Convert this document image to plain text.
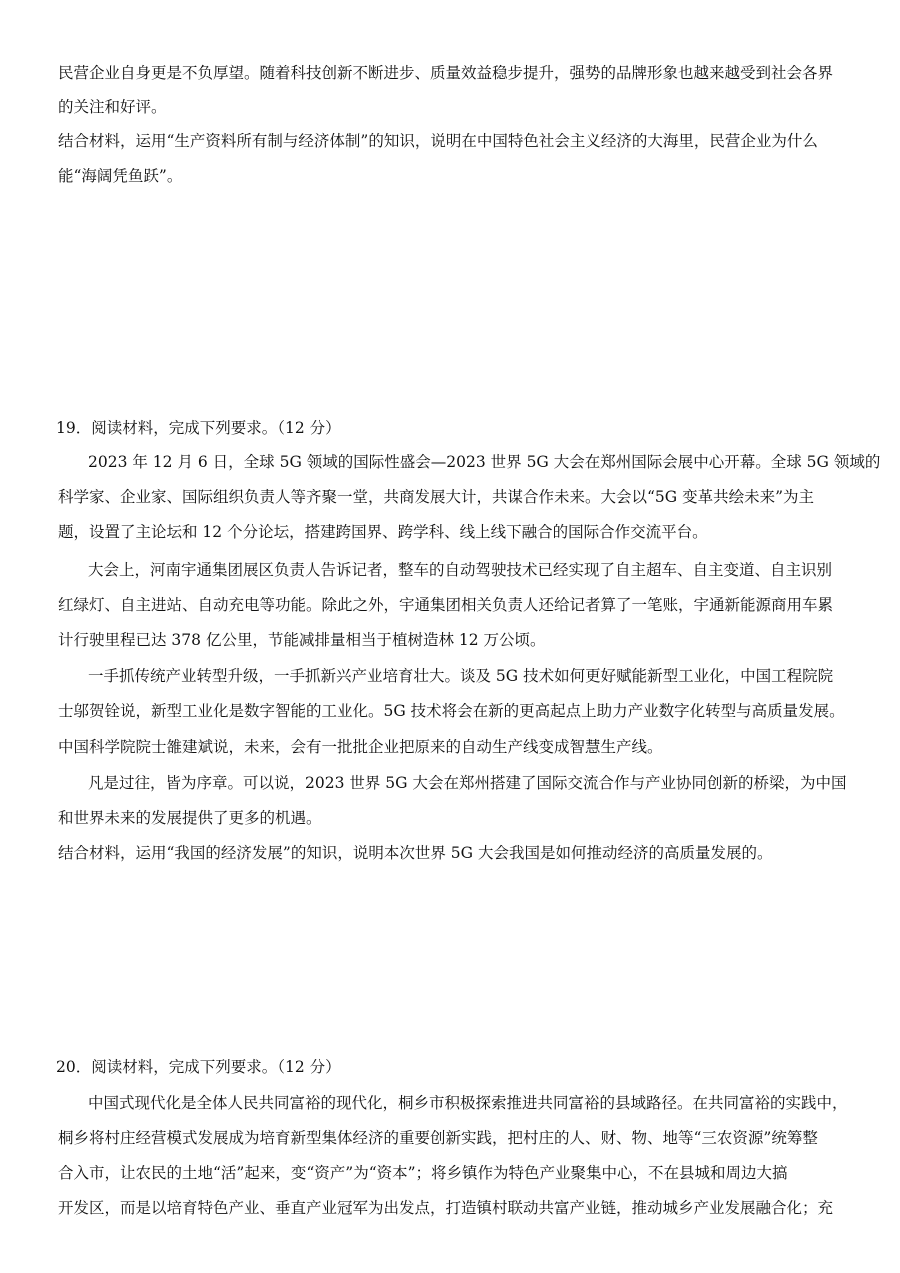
民营企业自身更是不负厚望。随着科技创新不断进步、质量效益稳步提升，强势的品牌形象也越来越受到社会各界
的关注和好评。
结合材料，运用“生产资料所有制与经济体制”的知识，说明在中国特色社会主义经济的大海里，民营企业为什么
能“海阔凭鱼跃”。
19．阅读材料，完成下列要求。（12 分）
2023 年 12 月 6 日，全球 5G 领域的国际性盛会—2023 世界 5G 大会在郑州国际会展中心开幕。全球 5G 领域的
科学家、企业家、国际组织负责人等齐聚一堂，共商发展大计，共谋合作未来。大会以“5G 变革共绘未来”为主
题，设置了主论坛和 12 个分论坛，搭建跨国界、跨学科、线上线下融合的国际合作交流平台。
大会上，河南宇通集团展区负责人告诉记者，整车的自动驾驶技术已经实现了自主超车、自主变道、自主识别
红绿灯、自主进站、自动充电等功能。除此之外，宇通集团相关负责人还给记者算了一笔账，宇通新能源商用车累
计行驶里程已达 378 亿公里，节能减排量相当于植树造林 12 万公顷。
一手抓传统产业转型升级，一手抓新兴产业培育壮大。谈及 5G 技术如何更好赋能新型工业化，中国工程院院
士邬贺铨说，新型工业化是数字智能的工业化。5G 技术将会在新的更高起点上助力产业数字化转型与高质量发展。
中国科学院院士雒建斌说，未来，会有一批批企业把原来的自动生产线变成智慧生产线。
凡是过往，皆为序章。可以说，2023 世界 5G 大会在郑州搭建了国际交流合作与产业协同创新的桥梁，为中国
和世界未来的发展提供了更多的机遇。
结合材料，运用“我国的经济发展”的知识，说明本次世界 5G 大会我国是如何推动经济的高质量发展的。
20．阅读材料，完成下列要求。（12 分）
中国式现代化是全体人民共同富裕的现代化，桐乡市积极探索推进共同富裕的县域路径。在共同富裕的实践中，
桐乡将村庄经营模式发展成为培育新型集体经济的重要创新实践，把村庄的人、财、物、地等“三农资源”统筹整
合入市，让农民的土地“活”起来，变“资产”为“资本”；将乡镇作为特色产业聚集中心，不在县城和周边大搞
开发区，而是以培育特色产业、垂直产业冠军为出发点，打造镇村联动共富产业链，推动城乡产业发展融合化；充
